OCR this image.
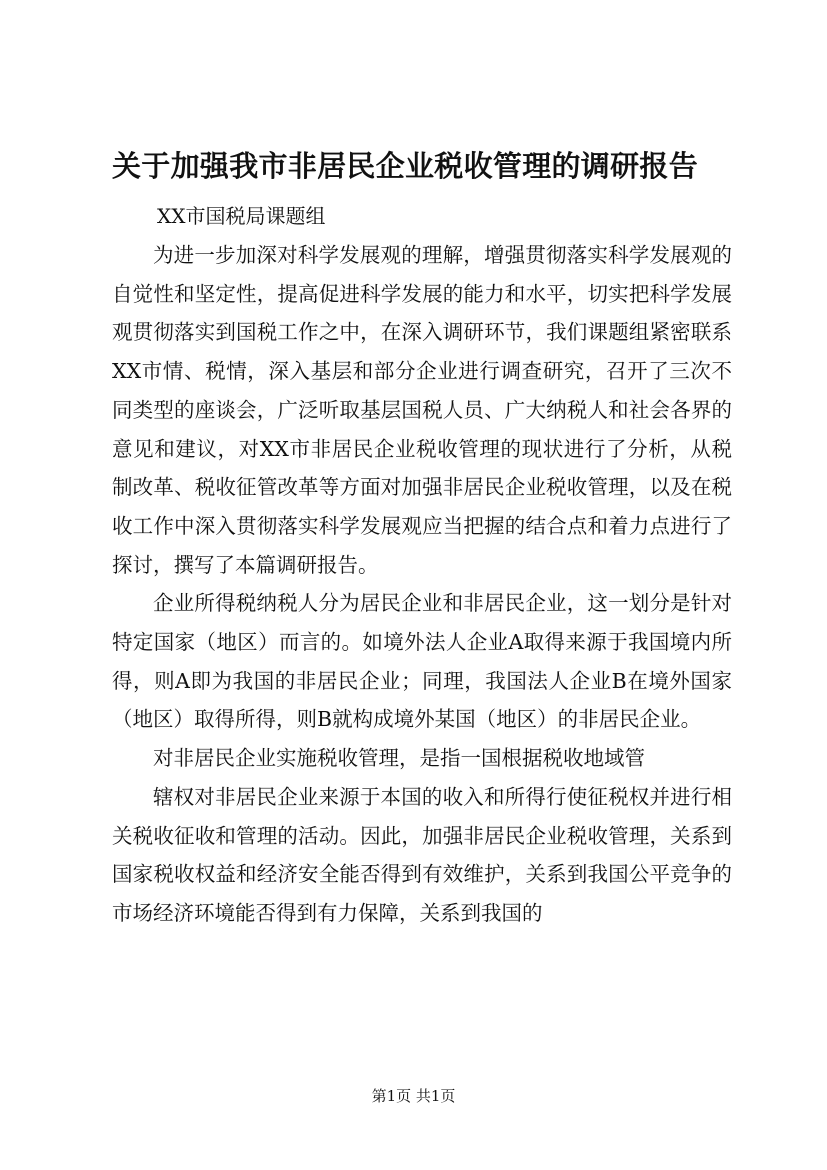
关于加强我市非居民企业税收管理的调研报告
XX市国税局课题组

为进一步加深对科学发展观的理解，增强贯彻落实科学发展观的自觉性和坚定性，提高促进科学发展的能力和水平，切实把科学发展观贯彻落实到国税工作之中，在深入调研环节，我们课题组紧密联系XX市情、税情，深入基层和部分企业进行调查研究，召开了三次不同类型的座谈会，广泛听取基层国税人员、广大纳税人和社会各界的意见和建议，对XX市非居民企业税收管理的现状进行了分析，从税制改革、税收征管改革等方面对加强非居民企业税收管理，以及在税收工作中深入贯彻落实科学发展观应当把握的结合点和着力点进行了探讨，撰写了本篇调研报告。

企业所得税纳税人分为居民企业和非居民企业，这一划分是针对特定国家（地区）而言的。如境外法人企业A取得来源于我国境内所得，则A即为我国的非居民企业；同理，我国法人企业B在境外国家（地区）取得所得，则B就构成境外某国（地区）的非居民企业。

对非居民企业实施税收管理，是指一国根据税收地域管

辖权对非居民企业来源于本国的收入和所得行使征税权并进行相关税收征收和管理的活动。因此，加强非居民企业税收管理，关系到国家税收权益和经济安全能否得到有效维护，关系到我国公平竞争的市场经济环境能否得到有力保障，关系到我国的

第1页 共1页
